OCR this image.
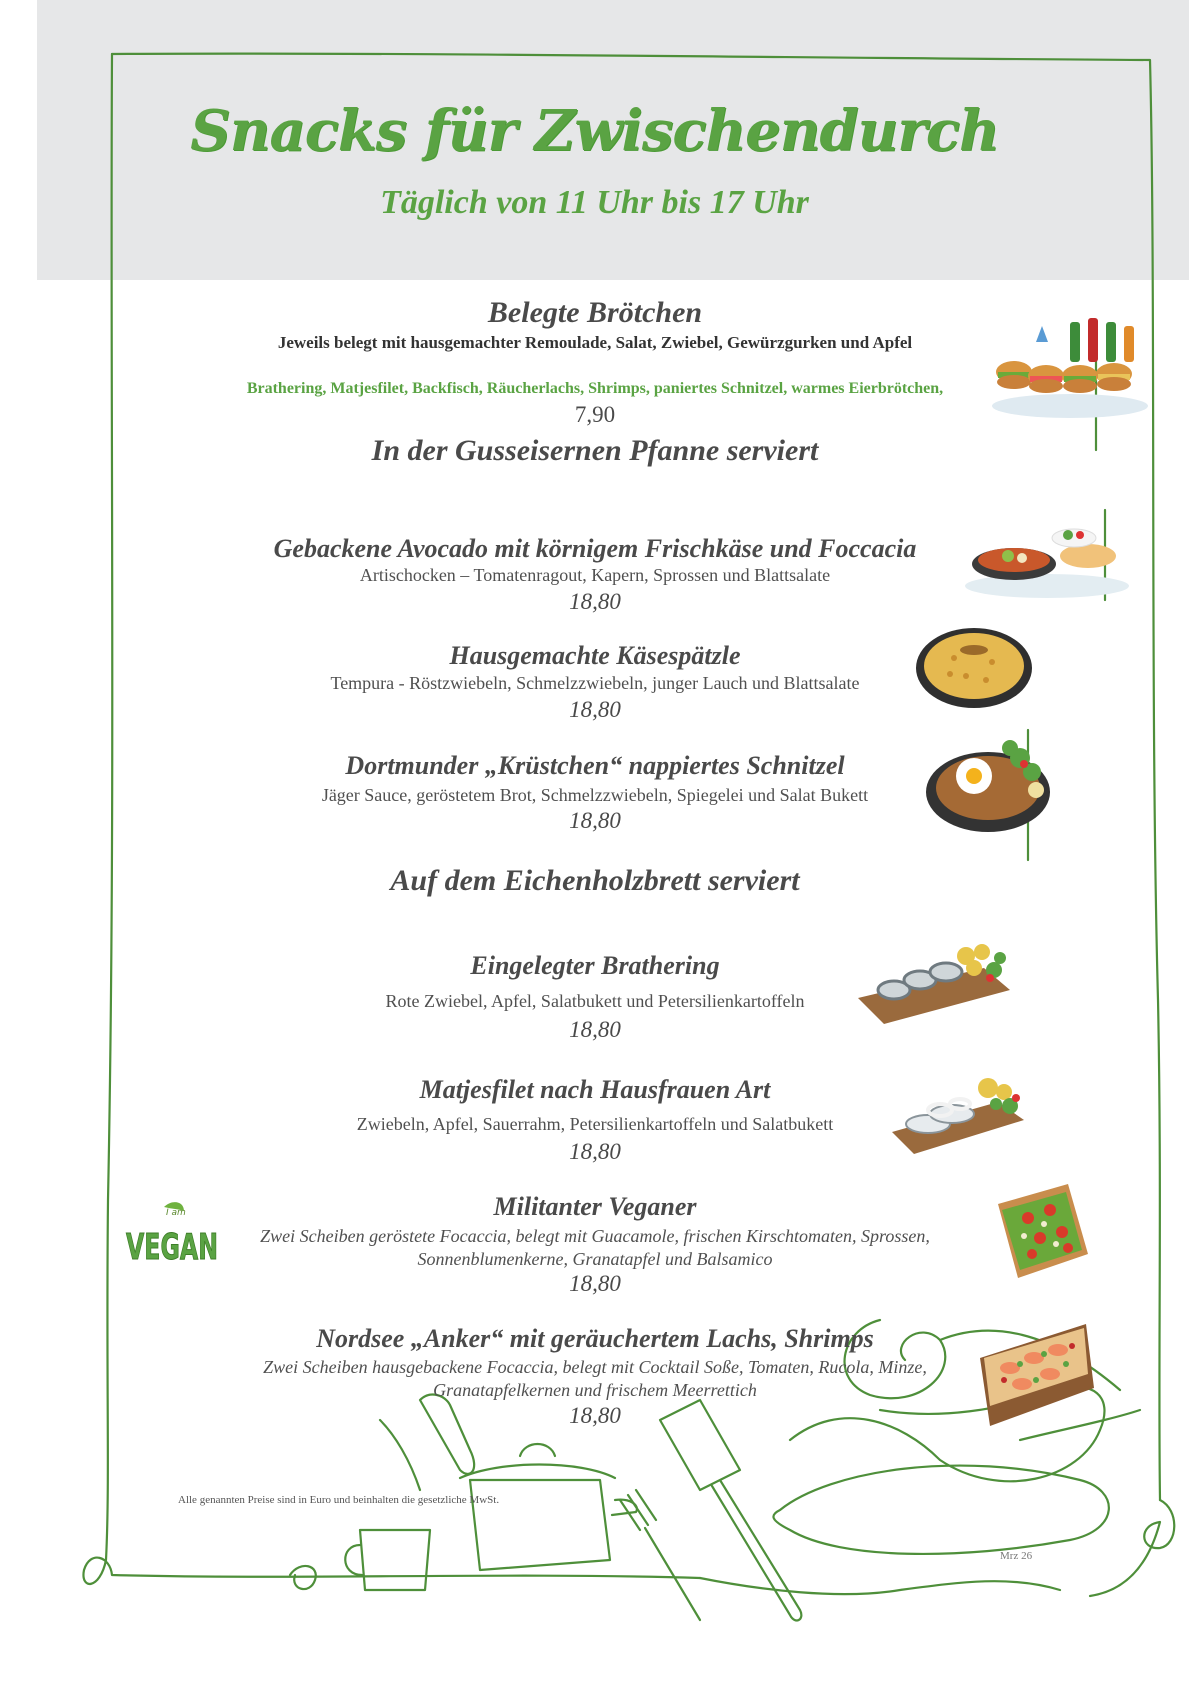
Snacks für Zwischendurch
Täglich von 11 Uhr bis 17 Uhr
Belegte Brötchen
Jeweils belegt mit hausgemachter Remoulade, Salat, Zwiebel, Gewürzgurken und Apfel
Brathering, Matjesfilet, Backfisch, Räucherlachs, Shrimps, paniertes Schnitzel, warmes Eierbrötchen,
7,90
In der Gusseisernen Pfanne serviert
Gebackene Avocado mit körnigem Frischkäse und Foccacia
Artischocken – Tomatenragout, Kapern, Sprossen und Blattsalate
18,80
Hausgemachte Käsespätzle
Tempura - Röstzwiebeln, Schmelzzwiebeln, junger Lauch und Blattsalate
18,80
Dortmunder „Krüstchen“ nappiertes Schnitzel
Jäger Sauce, geröstetem Brot, Schmelzzwiebeln, Spiegelei und Salat Bukett
18,80
Auf dem Eichenholzbrett serviert
Eingelegter Brathering
Rote Zwiebel, Apfel, Salatbukett und Petersilienkartoffeln
18,80
Matjesfilet nach Hausfrauen Art
Zwiebeln, Apfel, Sauerrahm, Petersilienkartoffeln und Salatbukett
18,80
Militanter Veganer
Zwei Scheiben geröstete Focaccia, belegt mit Guacamole, frischen Kirschtomaten, Sprossen,
Sonnenblumenkerne, Granatapfel und Balsamico
18,80
Nordsee „Anker“ mit geräuchertem Lachs, Shrimps
Zwei Scheiben hausgebackene Focaccia, belegt mit Cocktail Soße, Tomaten, Rucola, Minze,
Granatapfelkernen und frischem Meerrettich
18,80
I am
VEGAN
Alle genannten Preise sind in Euro und beinhalten die gesetzliche MwSt.
Mrz 26
